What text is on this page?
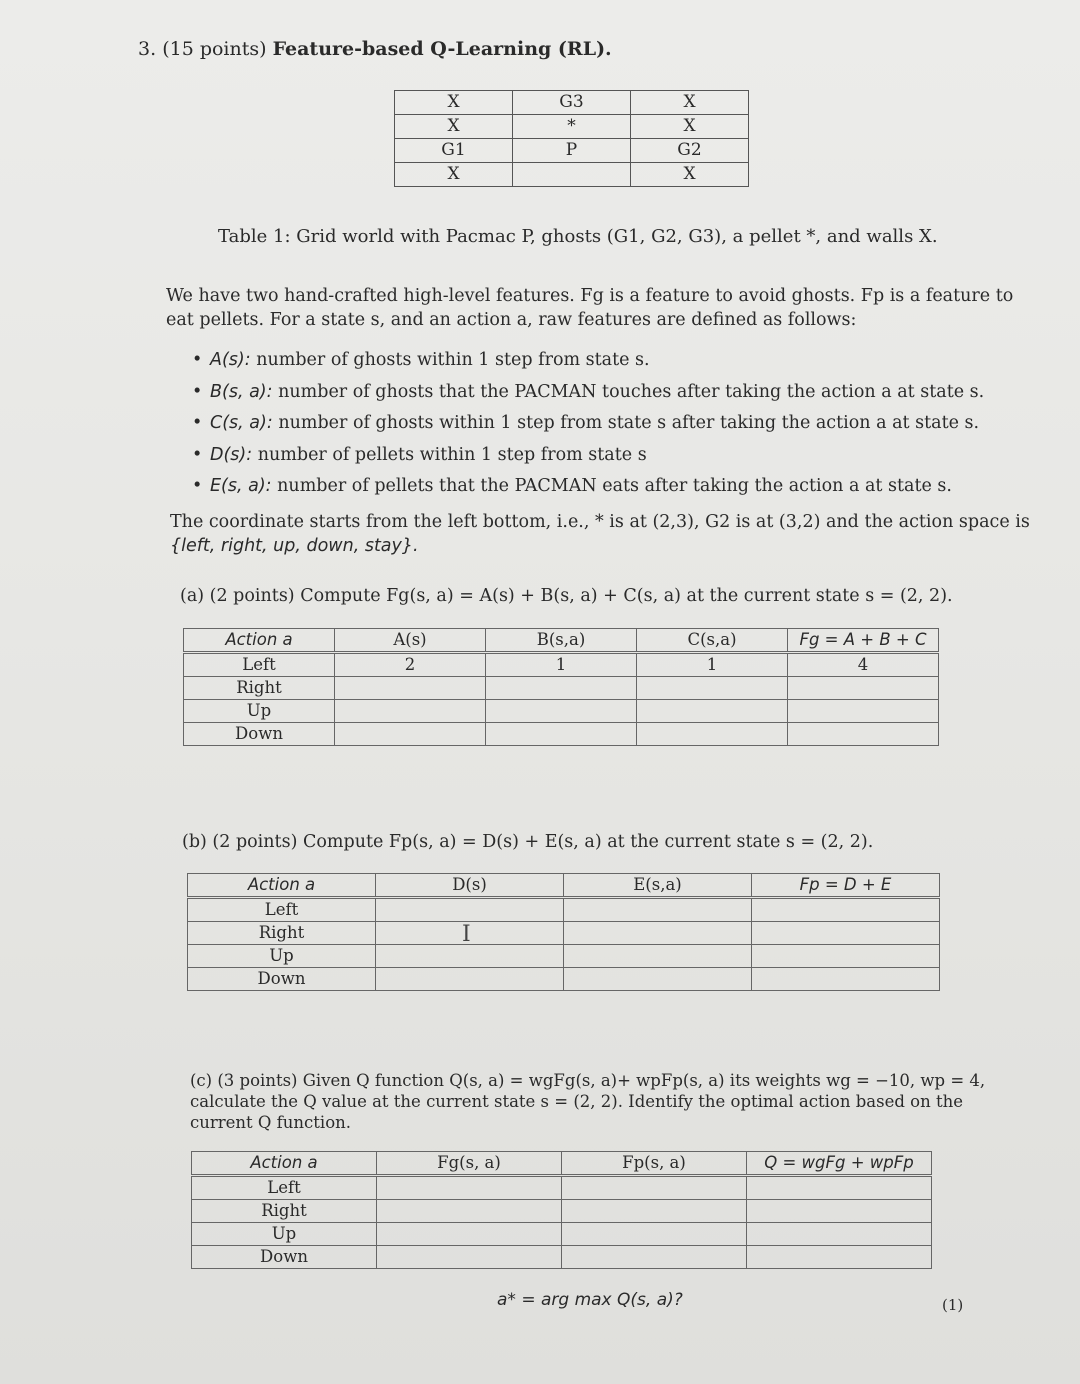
3. (15 points) Feature-based Q-Learning (RL).
X	G3	X
X	*	X
G1	P	G2
X		X
Table 1: Grid world with Pacmac P, ghosts (G1, G2, G3), a pellet *, and walls X.
We have two hand-crafted high-level features. Fg is a feature to avoid ghosts. Fp is a feature to eat pellets. For a state s, and an action a, raw features are defined as follows:
• A(s): number of ghosts within 1 step from state s.
• B(s, a): number of ghosts that the PACMAN touches after taking the action a at state s.
• C(s, a): number of ghosts within 1 step from state s after taking the action a at state s.
• D(s): number of pellets within 1 step from state s
• E(s, a): number of pellets that the PACMAN eats after taking the action a at state s.
The coordinate starts from the left bottom, i.e., * is at (2,3), G2 is at (3,2) and the action space is
{left, right, up, down, stay}.
(a) (2 points) Compute Fg(s, a) = A(s) + B(s, a) + C(s, a) at the current state s = (2, 2).
Action a	A(s)	B(s,a)	C(s,a)	Fg = A + B + C
Left	2	1	1	4
Right				
Up				
Down				
(b) (2 points) Compute Fp(s, a) = D(s) + E(s, a) at the current state s = (2, 2).
Action a	D(s)	E(s,a)	Fp = D + E
Left			
Right			
Up			
Down			
I
(c) (3 points) Given Q function Q(s, a) = wgFg(s, a)+ wpFp(s, a) its weights wg = −10, wp = 4, calculate the Q value at the current state s = (2, 2). Identify the optimal action based on the current Q function.
Action a	Fg(s, a)	Fp(s, a)	Q = wgFg + wpFp
Left			
Right			
Up			
Down			
a* = arg max Q(s, a)?	(1)
